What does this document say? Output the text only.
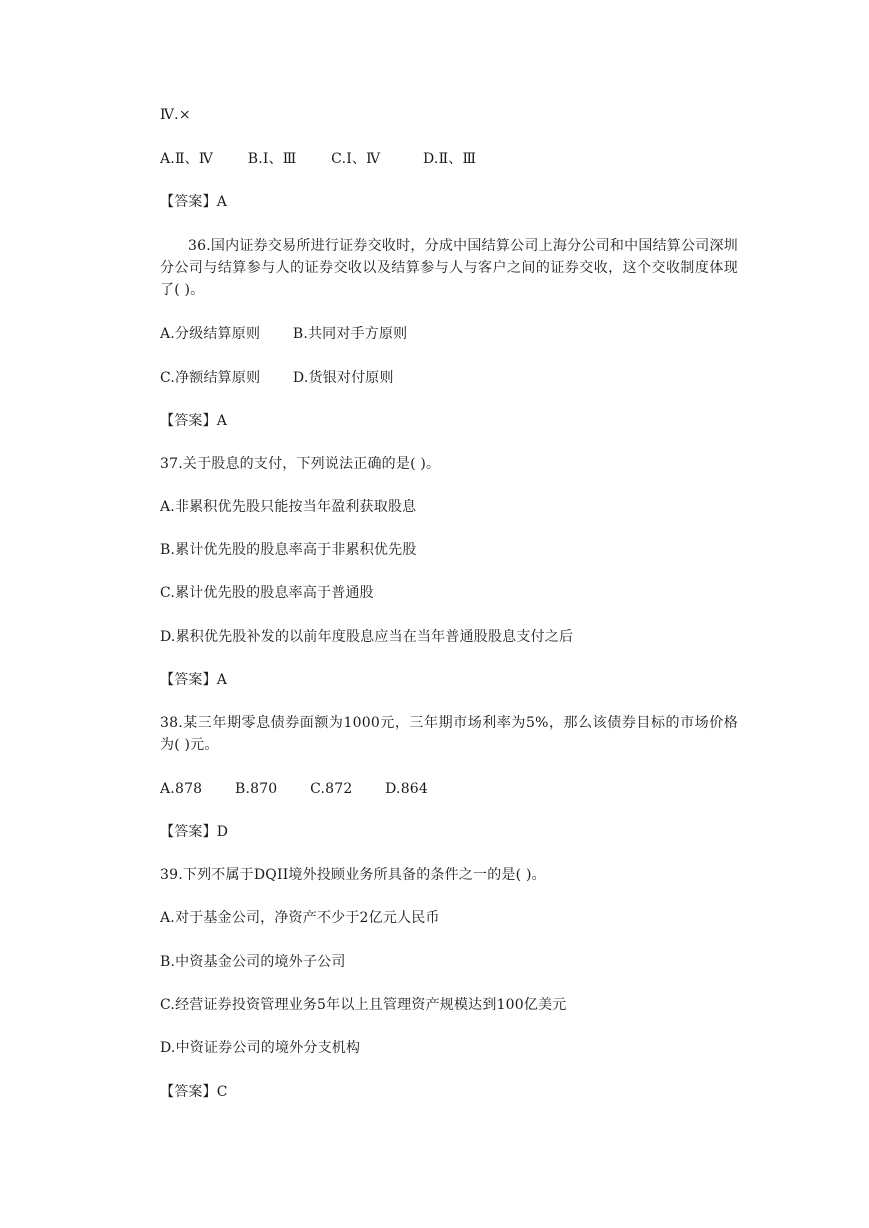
Ⅳ.×
A.Ⅱ、Ⅳ B.Ⅰ、Ⅲ C.Ⅰ、Ⅳ	D.Ⅱ、Ⅲ
【答案】A
36.国内证券交易所进行证券交收时，分成中国结算公司上海分公司和中国结算公司深圳分公司与结算参与人的证券交收以及结算参与人与客户之间的证券交收，这个交收制度体现了( )。
A.分级结算原则 B.共同对手方原则
C.净额结算原则 D.货银对付原则
【答案】A
37.关于股息的支付，下列说法正确的是( )。
A.非累积优先股只能按当年盈利获取股息
B.累计优先股的股息率高于非累积优先股
C.累计优先股的股息率高于普通股
D.累积优先股补发的以前年度股息应当在当年普通股股息支付之后
【答案】A
38.某三年期零息债券面额为1000元，三年期市场利率为5%，那么该债券目标的市场价格为( )元。
A.878 B.870 C.872 D.864
【答案】D
39.下列不属于DQII境外投顾业务所具备的条件之一的是( )。
A.对于基金公司，净资产不少于2亿元人民币
B.中资基金公司的境外子公司
C.经营证券投资管理业务5年以上且管理资产规模达到100亿美元
D.中资证券公司的境外分支机构
【答案】C
